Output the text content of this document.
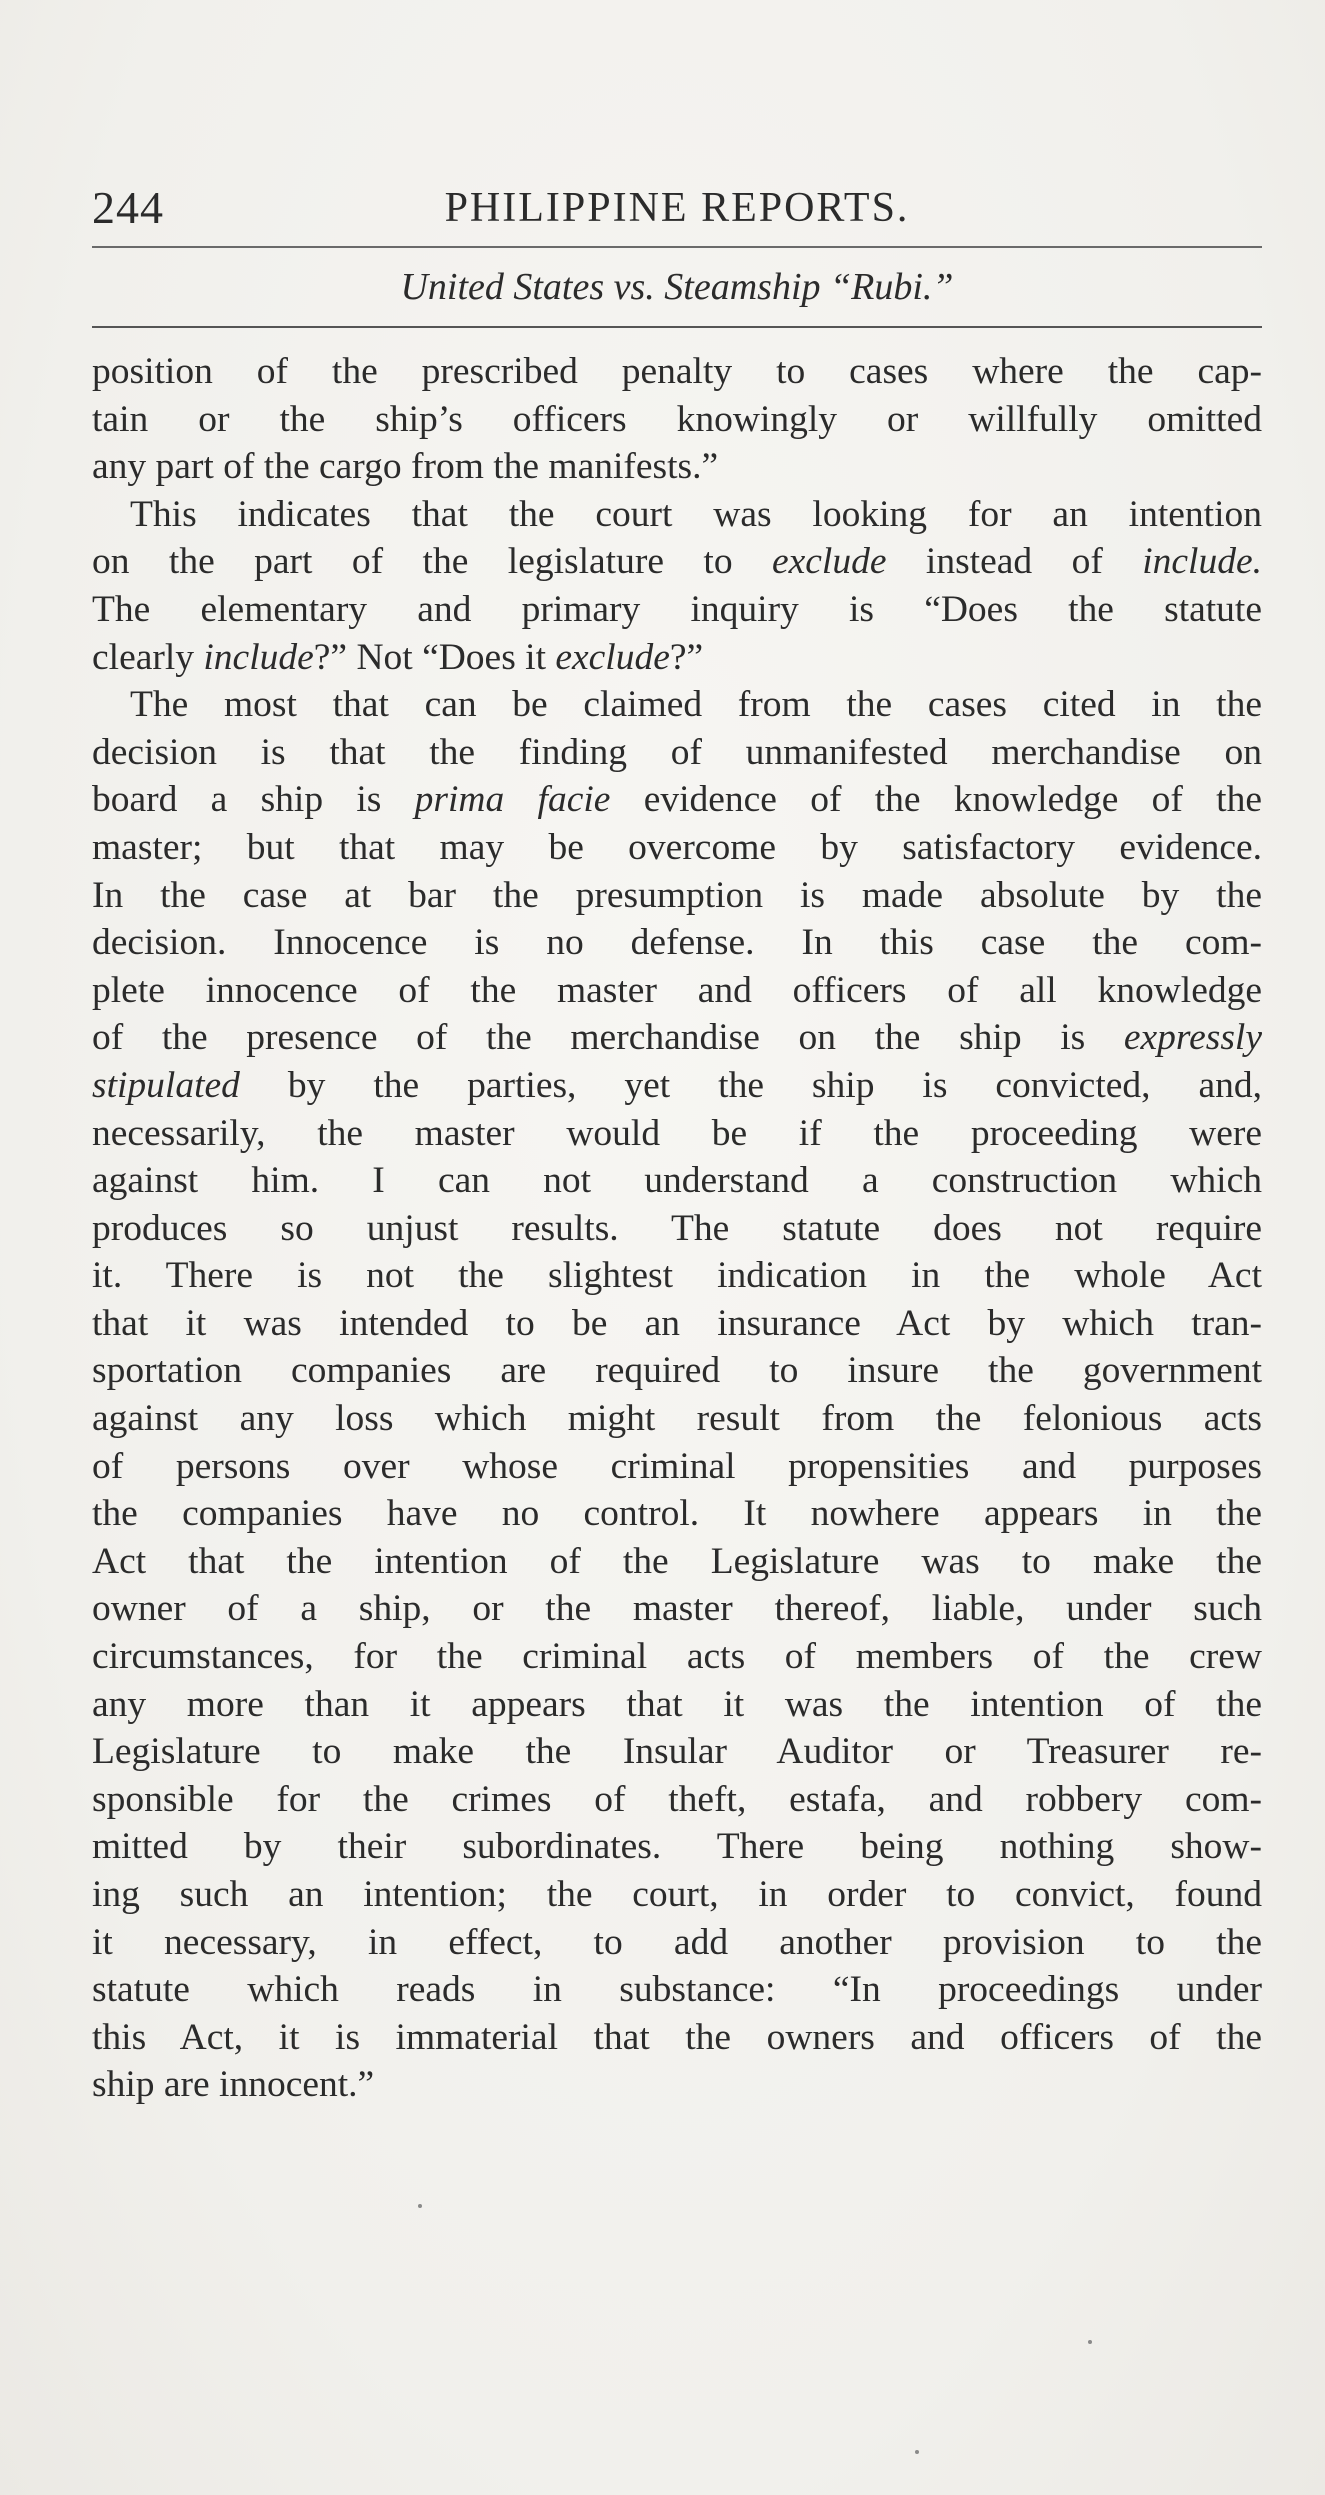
244	PHILIPPINE REPORTS.
United States vs. Steamship “Rubi.”
position of the prescribed penalty to cases where the cap-
tain or the ship’s officers knowingly or willfully omitted
any part of the cargo from the manifests.”
This indicates that the court was looking for an intention
on the part of the legislature to exclude instead of include.
The elementary and primary inquiry is “Does the statute
clearly include?” Not “Does it exclude?”
The most that can be claimed from the cases cited in the
decision is that the finding of unmanifested merchandise on
board a ship is prima facie evidence of the knowledge of the
master; but that may be overcome by satisfactory evidence.
In the case at bar the presumption is made absolute by the
decision. Innocence is no defense. In this case the com-
plete innocence of the master and officers of all knowledge
of the presence of the merchandise on the ship is expressly
stipulated by the parties, yet the ship is convicted, and,
necessarily, the master would be if the proceeding were
against him. I can not understand a construction which
produces so unjust results. The statute does not require
it. There is not the slightest indication in the whole Act
that it was intended to be an insurance Act by which tran-
sportation companies are required to insure the government
against any loss which might result from the felonious acts
of persons over whose criminal propensities and purposes
the companies have no control. It nowhere appears in the
Act that the intention of the Legislature was to make the
owner of a ship, or the master thereof, liable, under such
circumstances, for the criminal acts of members of the crew
any more than it appears that it was the intention of the
Legislature to make the Insular Auditor or Treasurer re-
sponsible for the crimes of theft, estafa, and robbery com-
mitted by their subordinates. There being nothing show-
ing such an intention; the court, in order to convict, found
it necessary, in effect, to add another provision to the
statute which reads in substance: “In proceedings under
this Act, it is immaterial that the owners and officers of the
ship are innocent.”
